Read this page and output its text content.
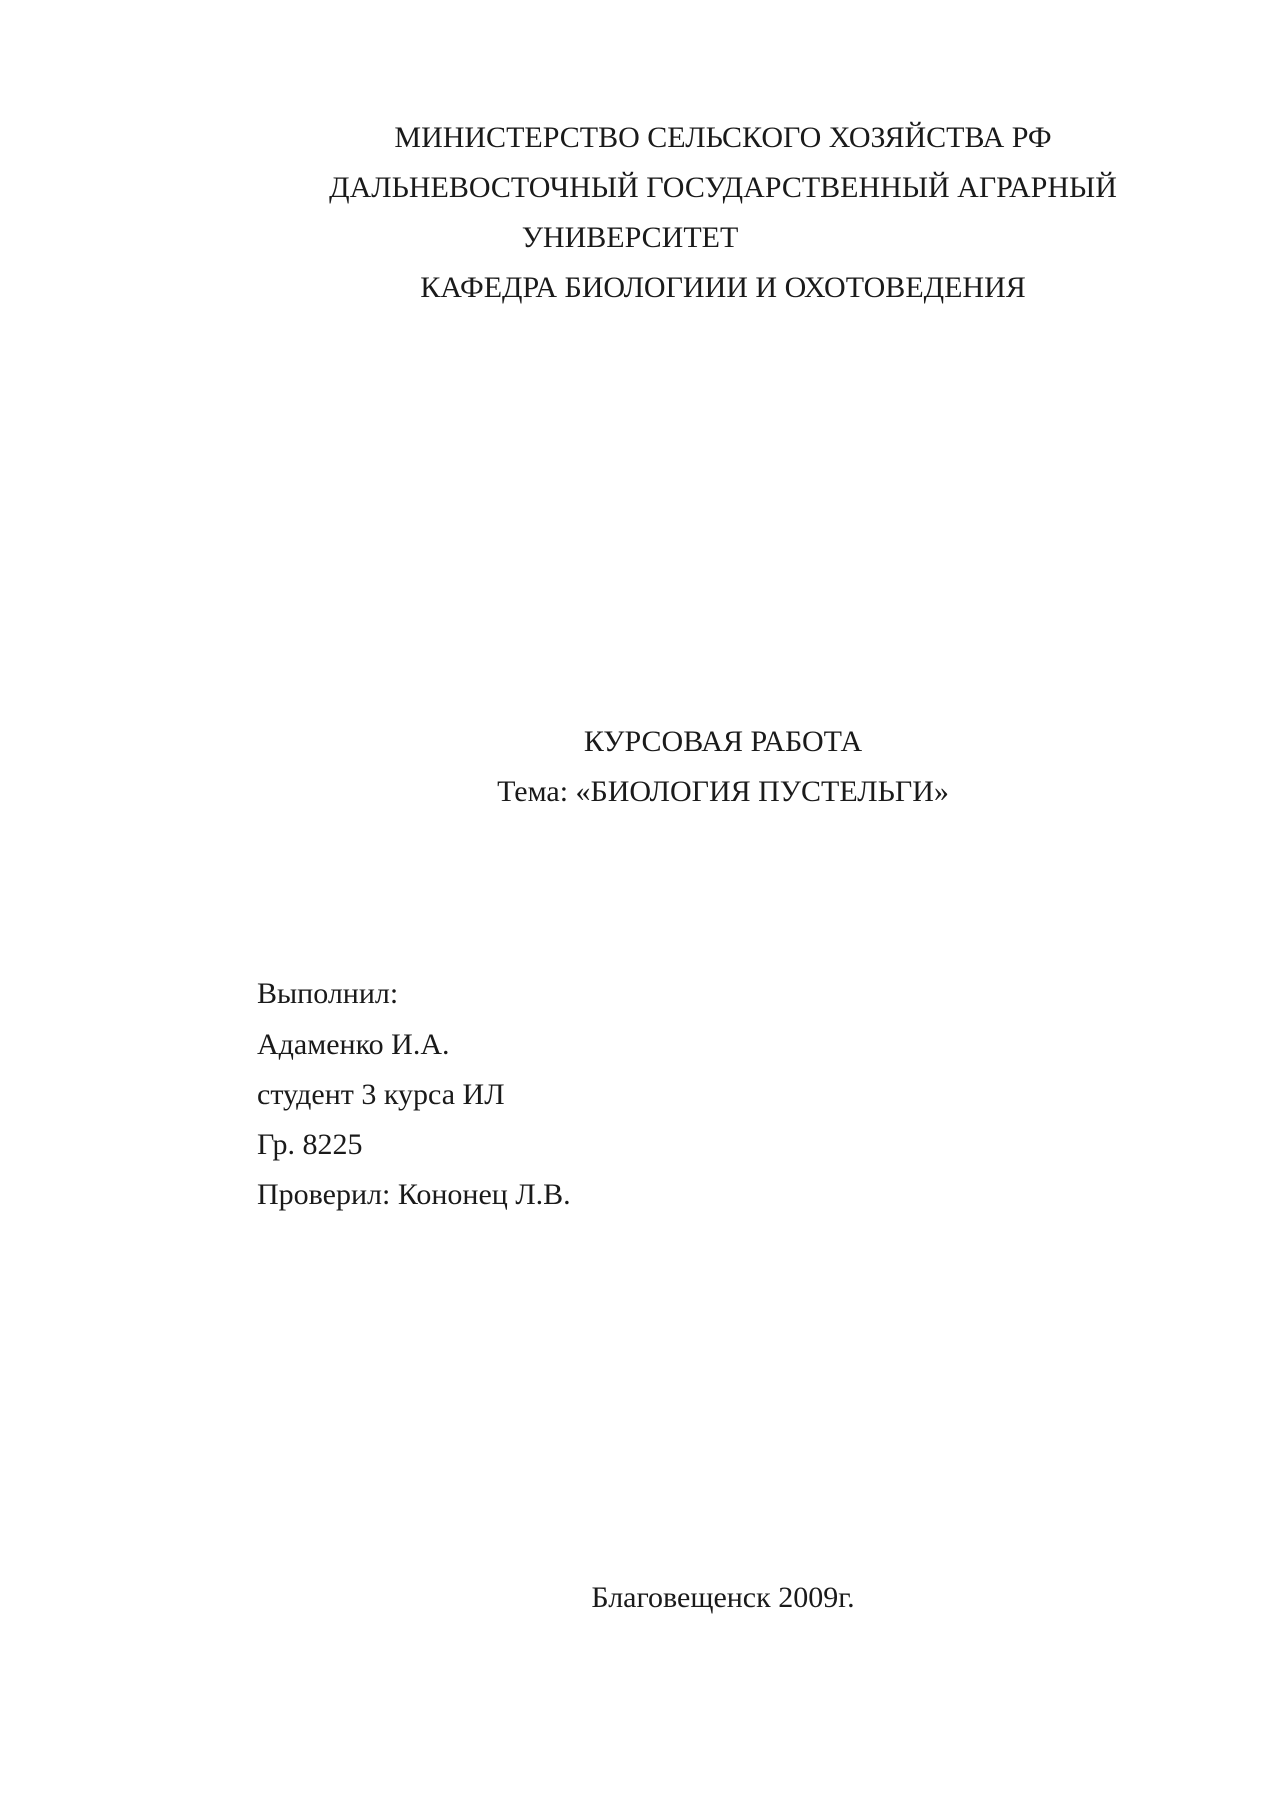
МИНИСТЕРСТВО СЕЛЬСКОГО ХОЗЯЙСТВА РФ
ДАЛЬНЕВОСТОЧНЫЙ ГОСУДАРСТВЕННЫЙ АГРАРНЫЙ
УНИВЕРСИТЕТ
КАФЕДРА БИОЛОГИИИ И ОХОТОВЕДЕНИЯ
КУРСОВАЯ РАБОТА
Тема: «БИОЛОГИЯ ПУСТЕЛЬГИ»
Выполнил:
Адаменко И.А.
студент 3 курса ИЛ
Гр. 8225
Проверил: Кононец Л.В.
Благовещенск 2009г.
